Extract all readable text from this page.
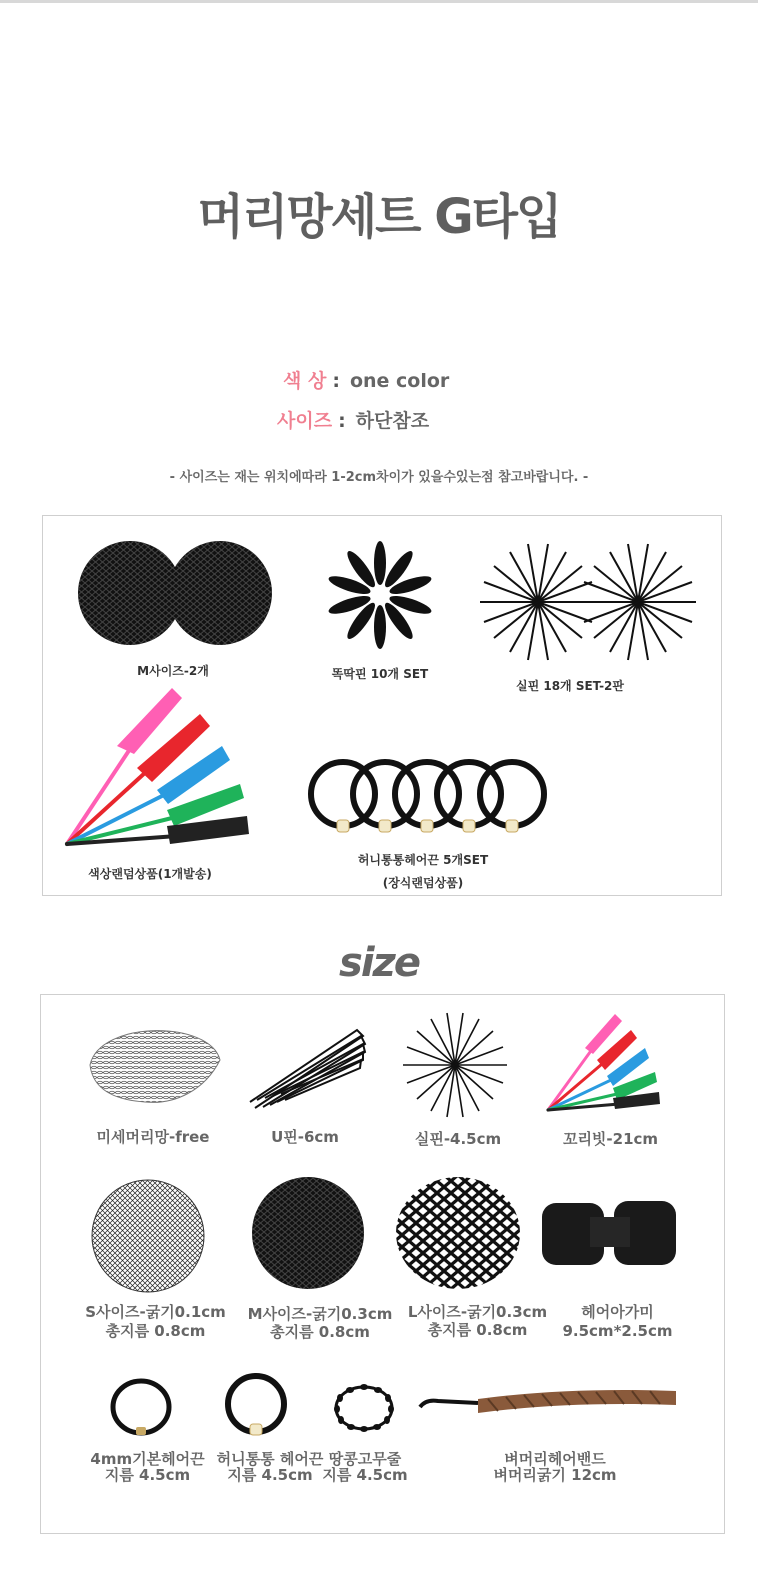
머리망세트 G타입
색 상 : one color
사이즈 : 하단참조
- 사이즈는 재는 위치에따라 1-2cm차이가 있을수있는점 참고바랍니다. -
M사이즈-2개	똑딱핀 10개 SET
실핀 18개 SET-2판
색상랜덤상품(1개발송)
허니통통헤어끈 5개SET
(장식랜덤상품)
size
미세머리망-free	U핀-6cm	실핀-4.5cm	꼬리빗-21cm
S사이즈-굵기0.1cm
총지름 0.8cm
M사이즈-굵기0.3cm
총지름 0.8cm
L사이즈-굵기0.3cm
총지름 0.8cm
헤어아가미
9.5cm*2.5cm
4mm기본헤어끈
지름 4.5cm
허니통통 헤어끈
지름 4.5cm
땅콩고무줄
지름 4.5cm
벼머리헤어밴드
벼머리굵기 12cm
